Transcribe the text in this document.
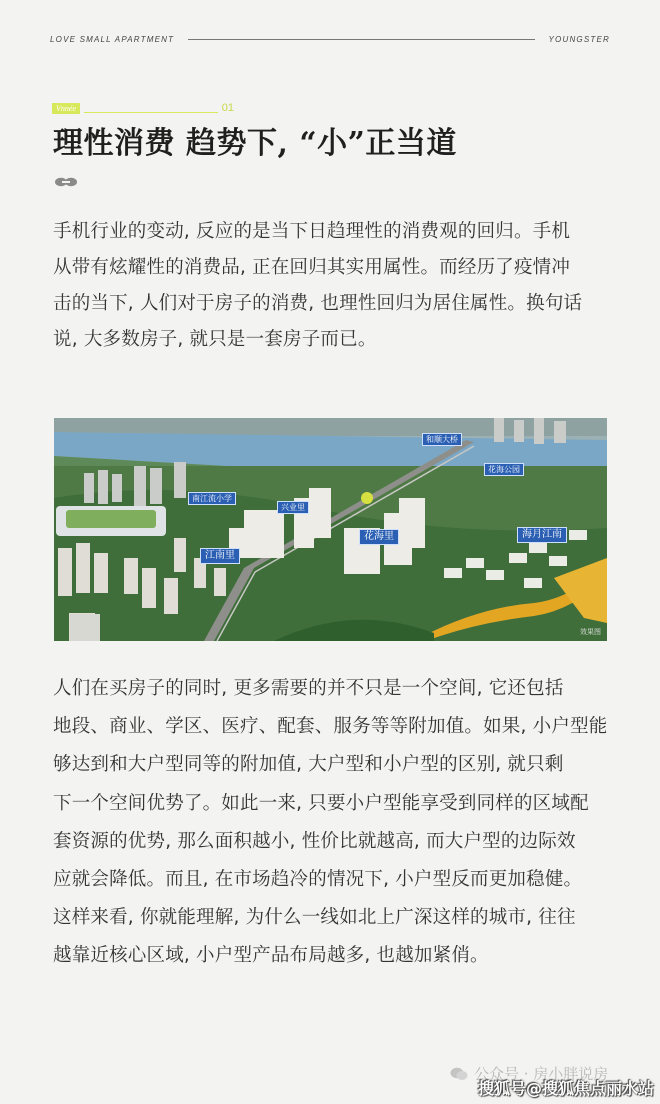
LOVE SMALL APARTMENT	YOUNGSTER
Vnnée	01
理性消费 趋势下, “小”正当道
手机行业的变动, 反应的是当下日趋理性的消费观的回归。手机
从带有炫耀性的消费品, 正在回归其实用属性。而经历了疫情冲
击的当下, 人们对于房子的消费, 也理性回归为居住属性。换句话
说, 大多数房子, 就只是一套房子而已。
和顺大桥
花海公园
南江流小学
兴业里
江南里
花海里	海月江南
效果图
人们在买房子的同时, 更多需要的并不只是一个空间, 它还包括
地段、商业、学区、医疗、配套、服务等等附加值。如果, 小户型能
够达到和大户型同等的附加值, 大户型和小户型的区别, 就只剩
下一个空间优势了。如此一来, 只要小户型能享受到同样的区域配
套资源的优势, 那么面积越小, 性价比就越高, 而大户型的边际效
应就会降低。而且, 在市场趋冷的情况下, 小户型反而更加稳健。
这样来看, 你就能理解, 为什么一线如北上广深这样的城市, 往往
越靠近核心区域, 小户型产品布局越多, 也越加紧俏。
公众号 · 房小胖说房
搜狐号@搜狐焦点丽水站
